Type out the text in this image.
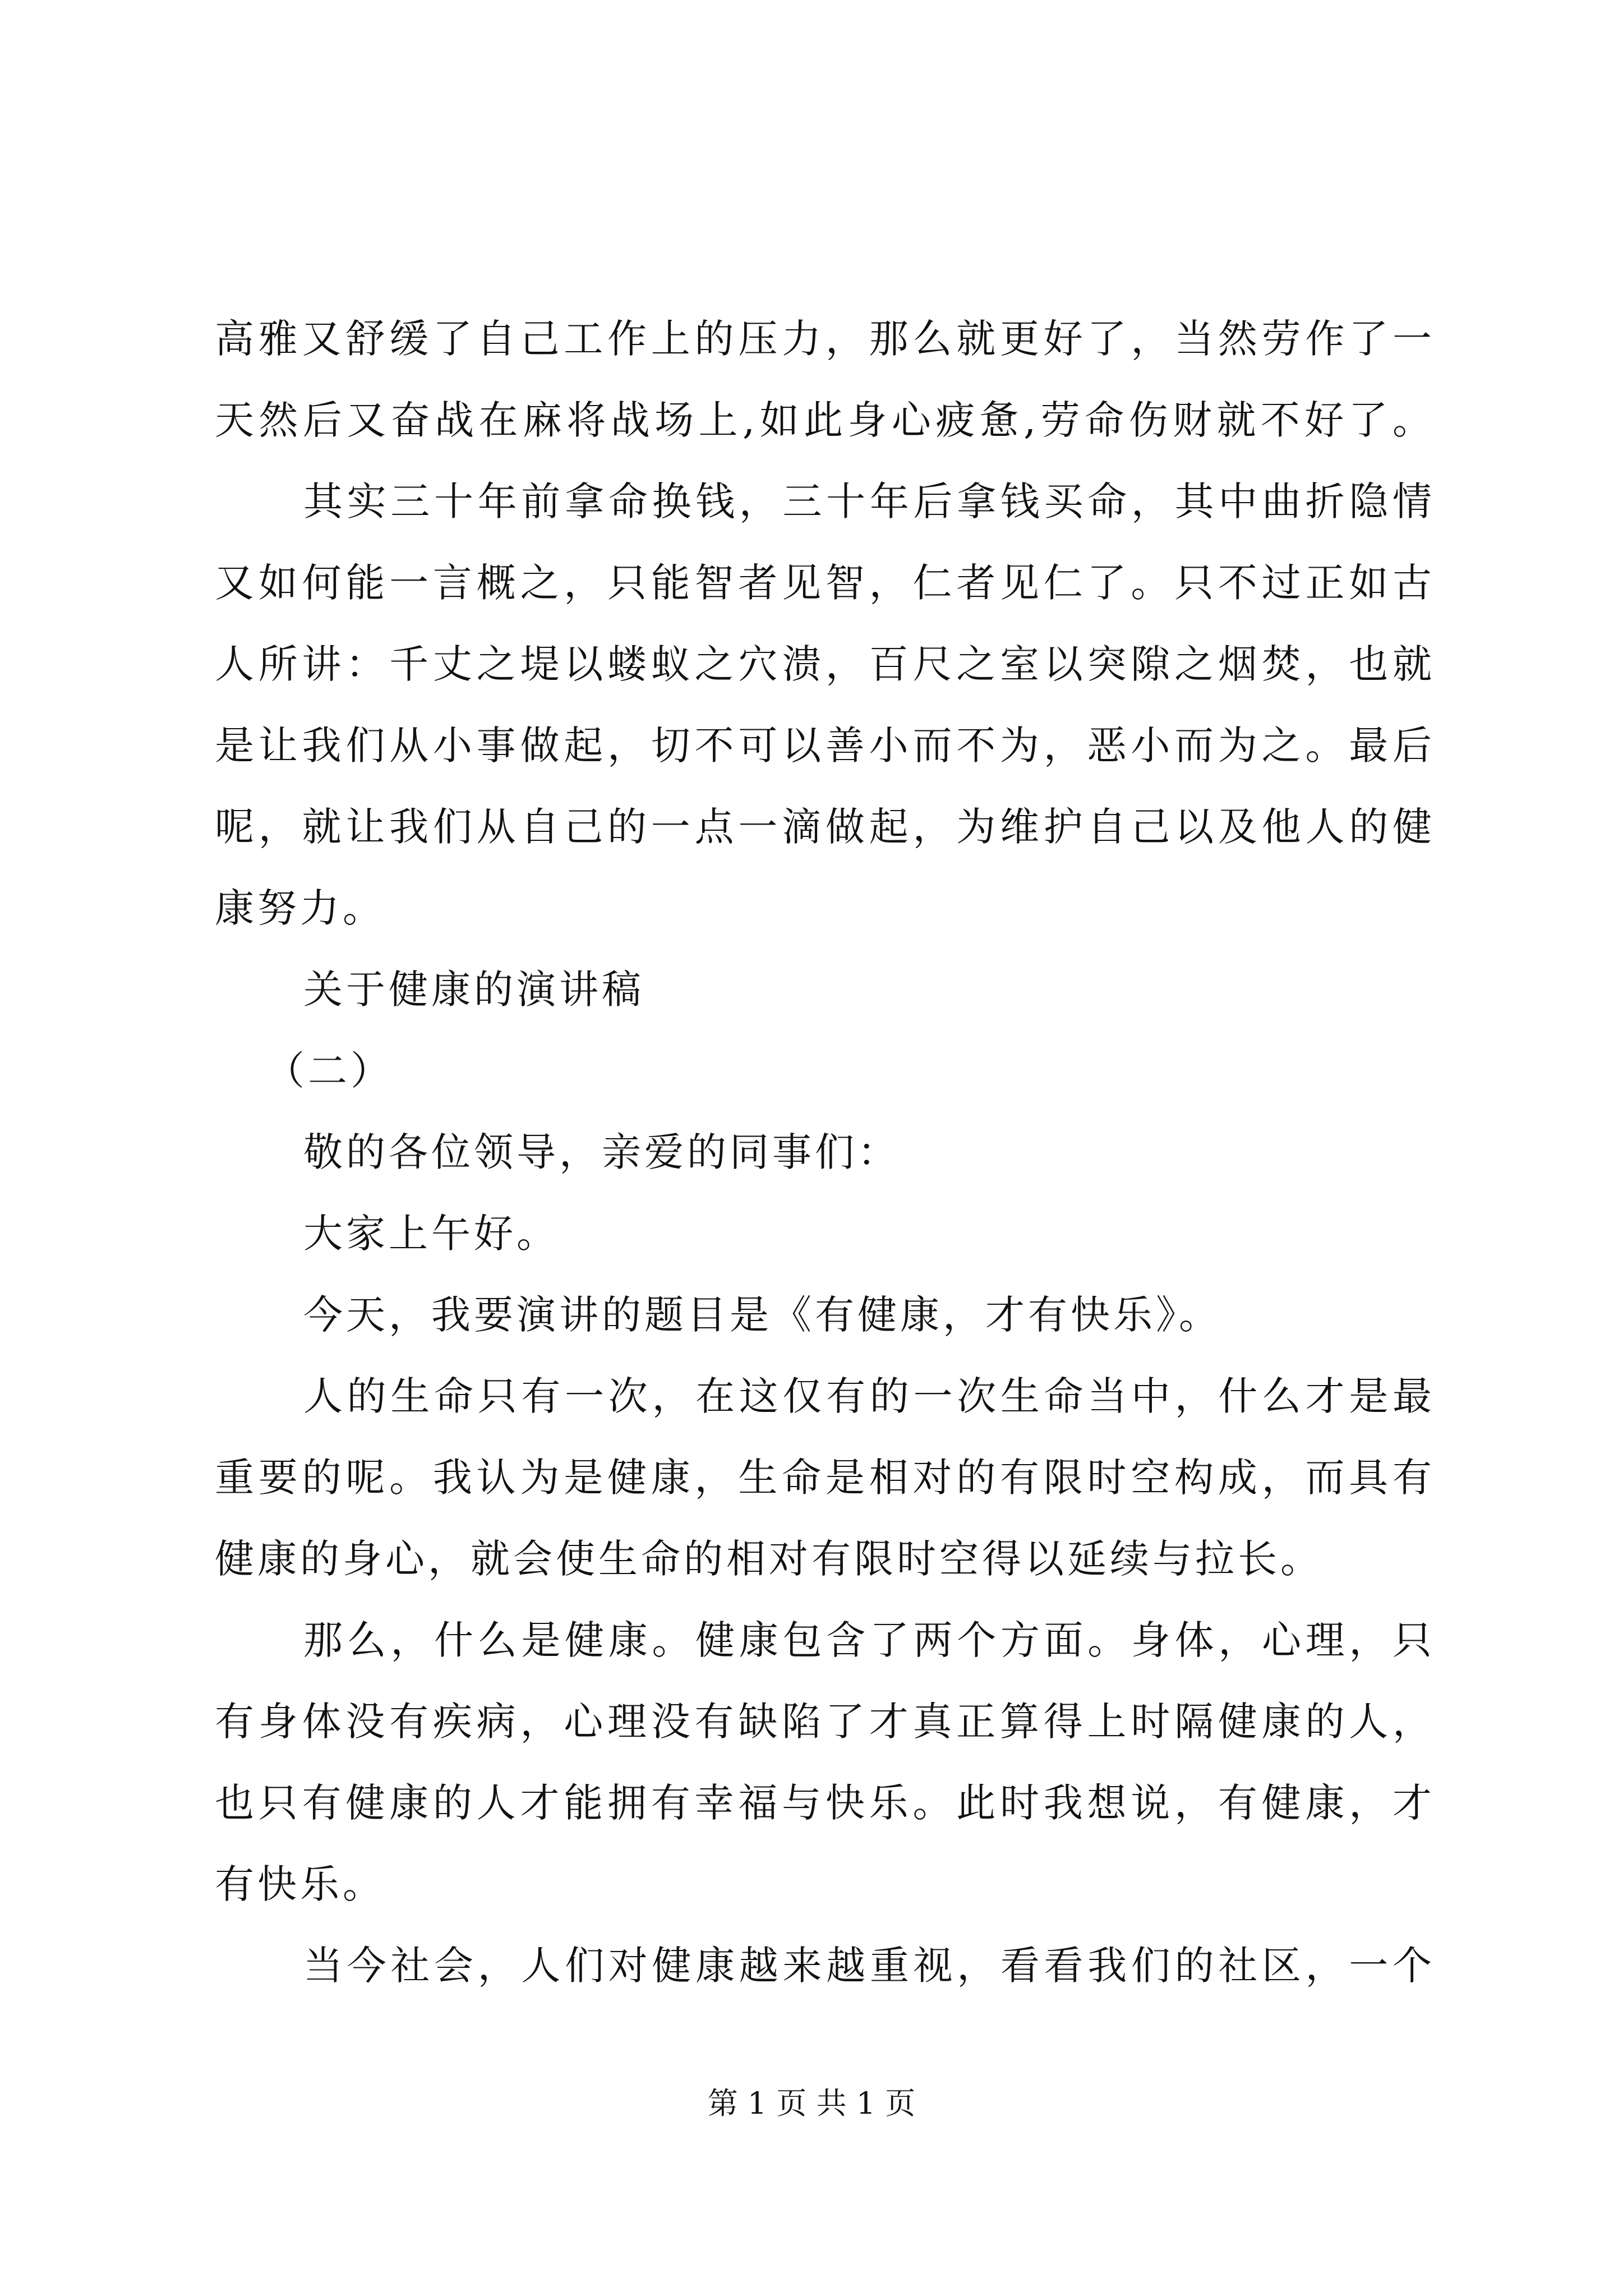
高雅又舒缓了自己工作上的压力，那么就更好了，当然劳作了一
天然后又奋战在麻将战场上,如此身心疲惫,劳命伤财就不好了。
其实三十年前拿命换钱，三十年后拿钱买命，其中曲折隐情
又如何能一言概之，只能智者见智，仁者见仁了。只不过正如古
人所讲：千丈之堤以蝼蚁之穴溃，百尺之室以突隙之烟焚，也就
是让我们从小事做起，切不可以善小而不为，恶小而为之。最后
呢，就让我们从自己的一点一滴做起，为维护自己以及他人的健
康努力。
关于健康的演讲稿
（二）
敬的各位领导，亲爱的同事们：
大家上午好。
今天，我要演讲的题目是《有健康，才有快乐》。
人的生命只有一次，在这仅有的一次生命当中，什么才是最
重要的呢。我认为是健康，生命是相对的有限时空构成，而具有
健康的身心，就会使生命的相对有限时空得以延续与拉长。
那么，什么是健康。健康包含了两个方面。身体，心理，只
有身体没有疾病，心理没有缺陷了才真正算得上时隔健康的人，
也只有健康的人才能拥有幸福与快乐。此时我想说，有健康，才
有快乐。
当今社会，人们对健康越来越重视，看看我们的社区，一个
第 1 页 共 1 页
